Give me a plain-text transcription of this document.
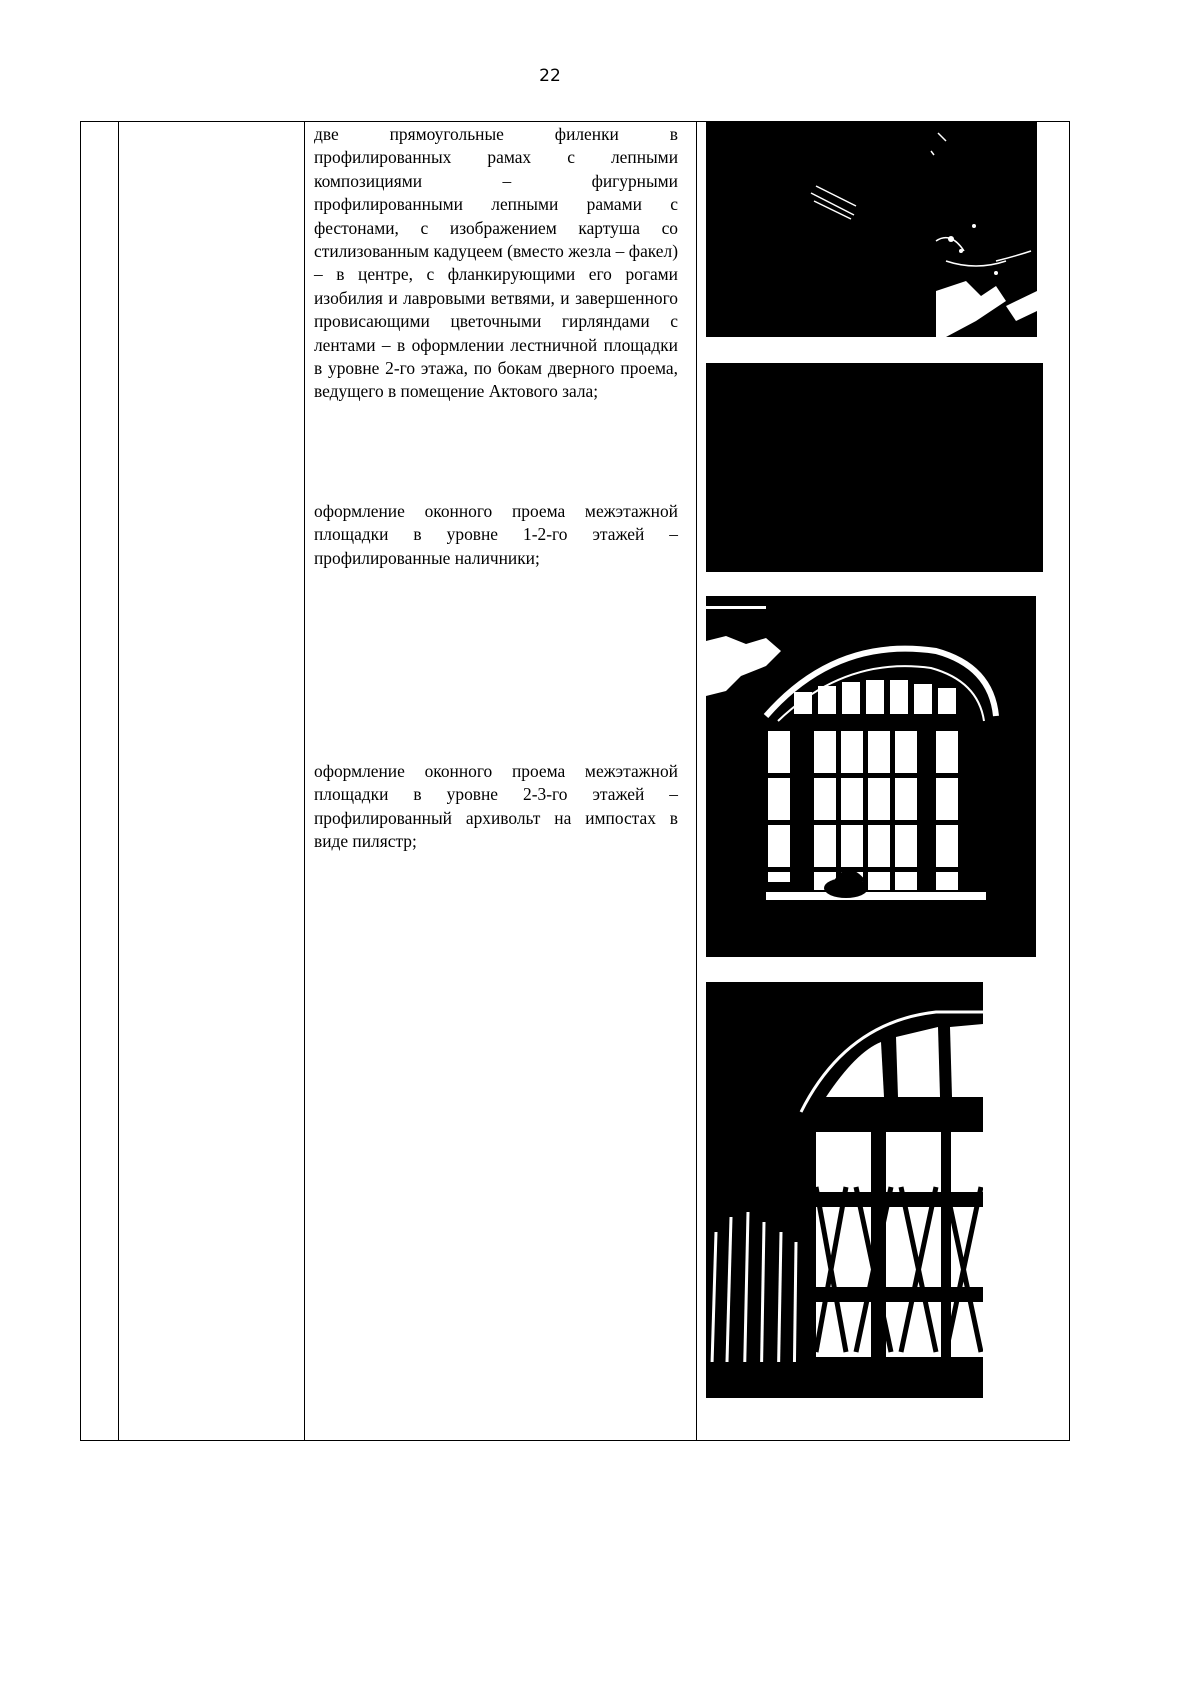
22

две прямоугольные филенки в профилированных рамах с лепными композициями – фигурными профилированными лепными рамами с фестонами, с изображением картуша со стилизованным кадуцеем (вместо жезла – факел) – в центре, с фланкирующими его рогами изобилия и лавровыми ветвями, и завершенного провисающими цветочными гирляндами с лентами – в оформлении лестничной площадки в уровне 2-го этажа, по бокам дверного проема, ведущего в помещение Актового зала;

оформление оконного проема межэтажной площадки в уровне 1-2-го этажей – профилированные наличники;

оформление оконного проема межэтажной площадки в уровне 2-3-го этажей – профилированный архивольт на импостах в виде пилястр;
